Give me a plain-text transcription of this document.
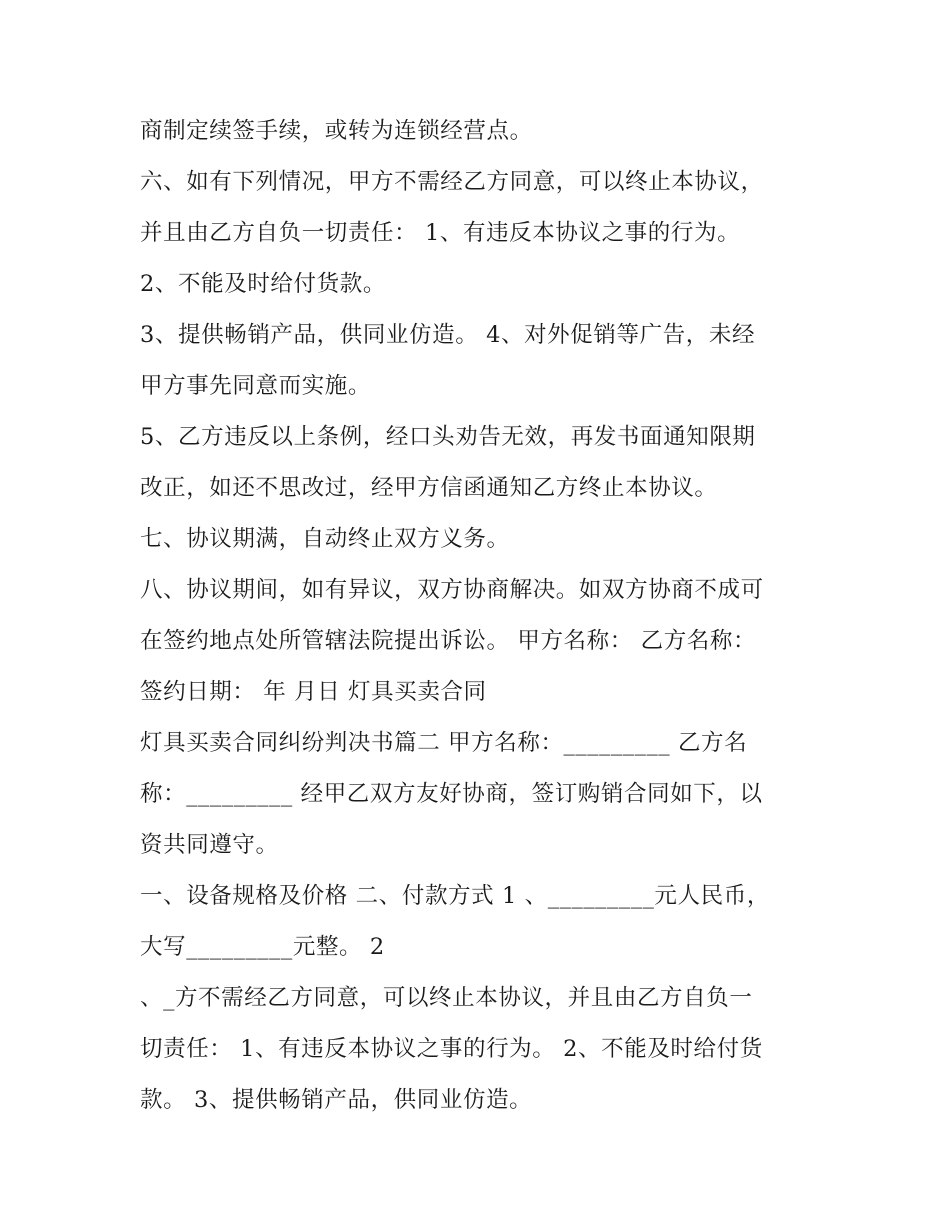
商制定续签手续，或转为连锁经营点。
六、如有下列情况，甲方不需经乙方同意，可以终止本协议，
并且由乙方自负一切责任： 1、有违反本协议之事的行为。
2、不能及时给付货款。
3、提供畅销产品，供同业仿造。 4、对外促销等广告，未经
甲方事先同意而实施。
5、乙方违反以上条例，经口头劝告无效，再发书面通知限期
改正，如还不思改过，经甲方信函通知乙方终止本协议。
七、协议期满，自动终止双方义务。
八、协议期间，如有异议，双方协商解决。如双方协商不成可
在签约地点处所管辖法院提出诉讼。 甲方名称： 乙方名称：
签约日期： 年 月日 灯具买卖合同
灯具买卖合同纠纷判决书篇二 甲方名称：_________ 乙方名
称：_________ 经甲乙双方友好协商，签订购销合同如下，以
资共同遵守。
一、设备规格及价格 二、付款方式 1 、_________元人民币，
大写_________元整。 2
、_方不需经乙方同意，可以终止本协议，并且由乙方自负一
切责任： 1、有违反本协议之事的行为。 2、不能及时给付货
款。 3、提供畅销产品，供同业仿造。
